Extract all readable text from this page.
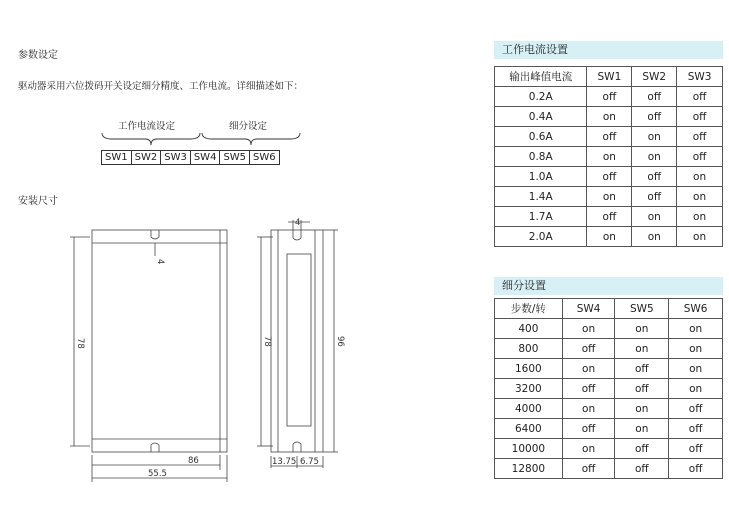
参数设定
驱动器采用六位拨码开关设定细分精度、工作电流。详细描述如下：
工作电流设定	细分设定
SW1 SW2 SW3 SW4 SW5 SW6
安装尺寸
4
78
86
55.5
4
78	96
13.75 6.75
工作电流设置
输出峰值电流	SW1	SW2	SW3
0.2A	off	off	off
0.4A	on	off	off
0.6A	off	on	off
0.8A	on	on	off
1.0A	off	off	on
1.4A	on	off	on
1.7A	off	on	on
2.0A	on	on	on
细分设置
步数/转	SW4	SW5	SW6
400	on	on	on
800	off	on	on
1600	on	off	on
3200	off	off	on
4000	on	on	off
6400	off	on	off
10000	on	off	off
12800	off	off	off
